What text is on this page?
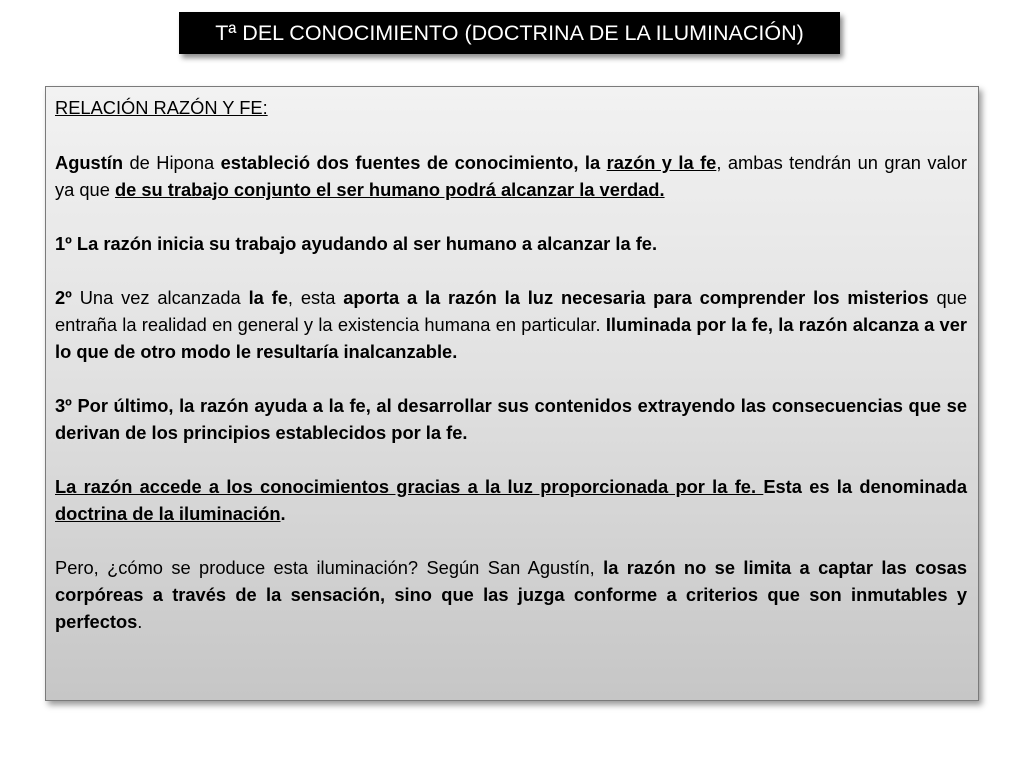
Tª DEL CONOCIMIENTO (DOCTRINA DE LA ILUMINACIÓN)

RELACIÓN RAZÓN Y FE:

Agustín de Hipona estableció dos fuentes de conocimiento, la razón y la fe, ambas tendrán un gran valor ya que de su trabajo conjunto el ser humano podrá alcanzar la verdad.

1º La razón inicia su trabajo ayudando al ser humano a alcanzar la fe.

2º Una vez alcanzada la fe, esta aporta a la razón la luz necesaria para comprender los misterios que entraña la realidad en general y la existencia humana en particular. Iluminada por la fe, la razón alcanza a ver lo que de otro modo le resultaría inalcanzable.

3º Por último, la razón ayuda a la fe, al desarrollar sus contenidos extrayendo las consecuencias que se derivan de los principios establecidos por la fe.

La razón accede a los conocimientos gracias a la luz proporcionada por la fe. Esta es la denominada doctrina de la iluminación.

Pero, ¿cómo se produce esta iluminación? Según San Agustín, la razón no se limita a captar las cosas corpóreas a través de la sensación, sino que las juzga conforme a criterios que son inmutables y perfectos.
